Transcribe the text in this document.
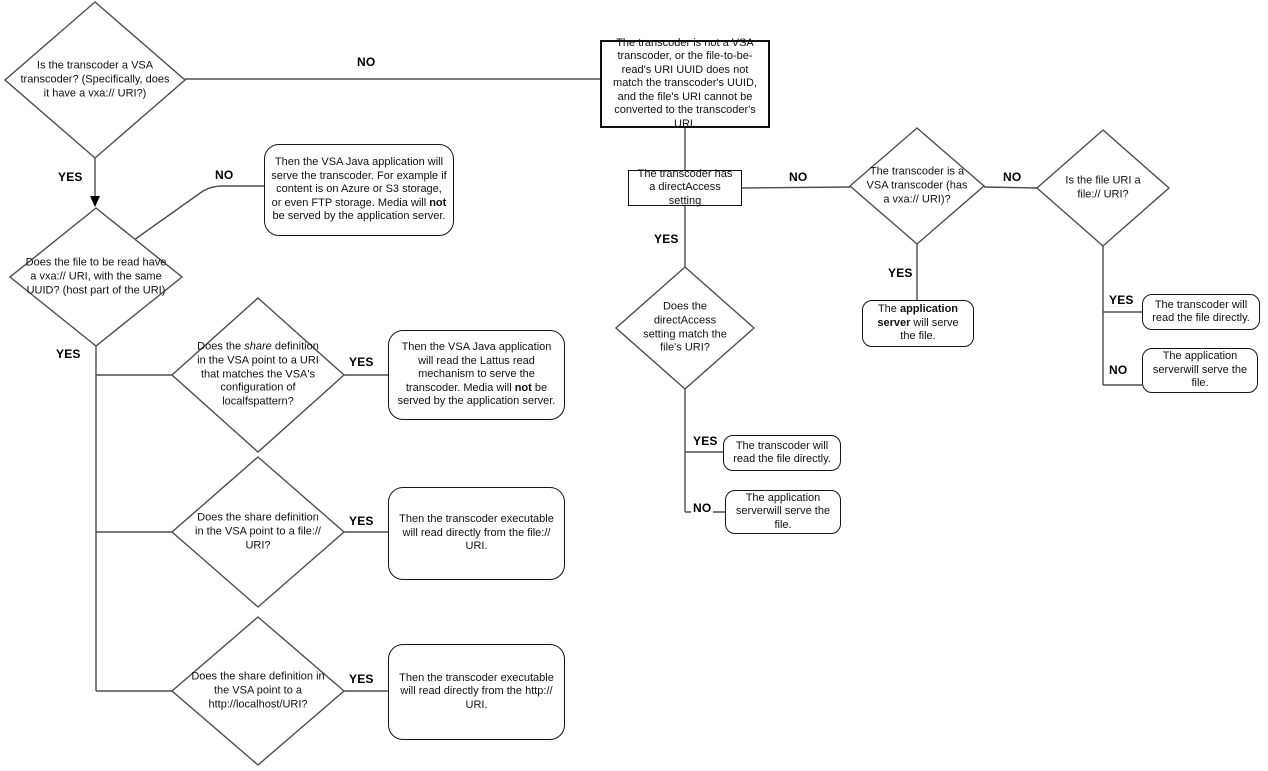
Is the transcoder a VSA transcoder? (Specifically, does it have a vxa:// URI?)
Does the file to be read have a vxa:// URI, with the same UUID? (host part of the URI)
Does the share definition in the VSA point to a URI that matches the VSA's configuration of localfspattern?
Does the share definition in the VSA point to a file:// URI?
Does the share definition in the VSA point to a http://localhost/URI?
Does the directAccess setting match the file's URI?
The transcoder is a VSA transcoder (has a vxa:// URI)?
Is the file URI a file:// URI?
The transcoder is not a VSA transcoder, or the file-to-be-read's URI UUID does not match the transcoder's UUID, and the file's URI cannot be converted to the transcoder's URI.
Then the VSA Java application will serve the transcoder. For example if content is on Azure or S3 storage, or even FTP storage. Media will not be served by the application server.
Then the VSA Java application will read the Lattus read mechanism to serve the transcoder. Media will not be served by the application server.
Then the transcoder executable will read directly from the file:// URI.
Then the transcoder executable will read directly from the http:// URI.
The transcoder has a directAccess setting
The transcoder will read the file directly.
The application serverwill serve the file.
The application server will serve the file.
The transcoder will read the file directly.
The application serverwill serve the file.
NO
YES	NO
YES
YES
YES
YES
NO
YES
YES
NO
NO
YES
YES
NO
